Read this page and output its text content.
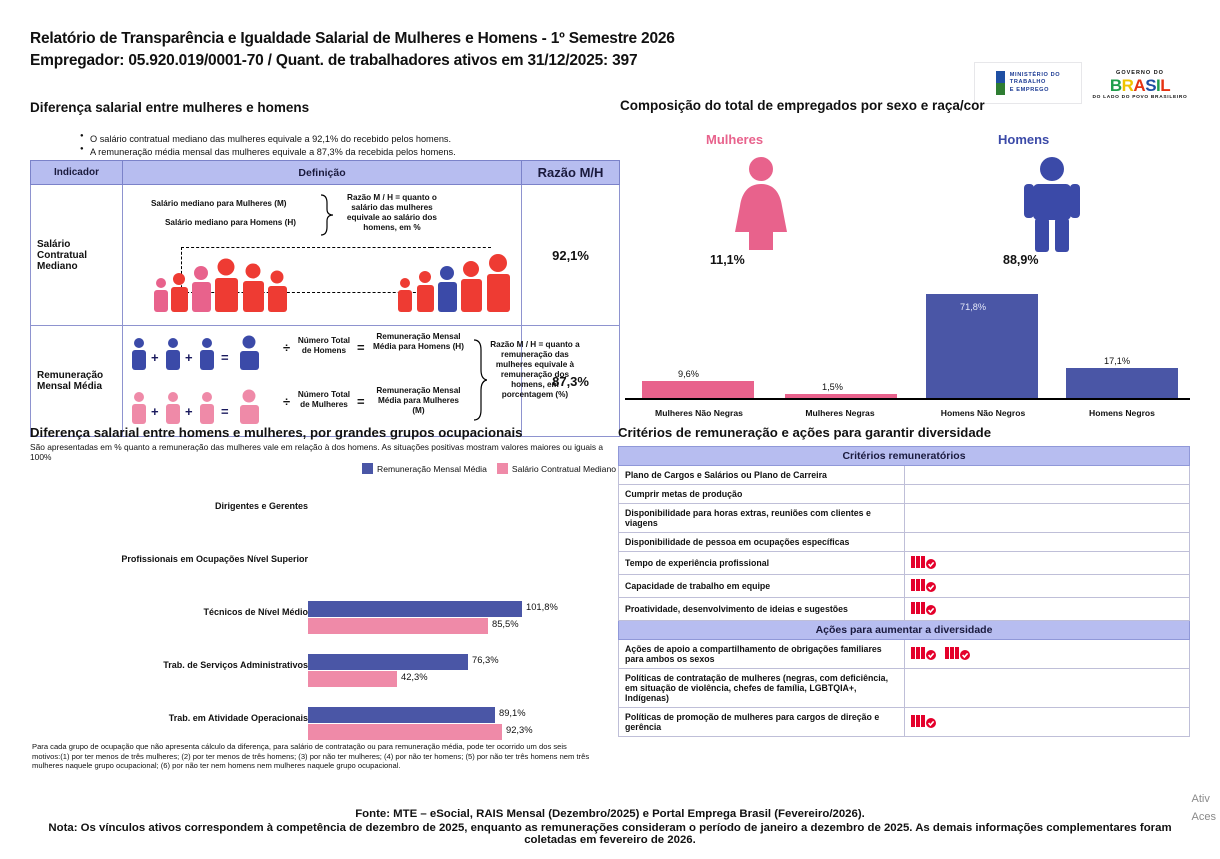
Relatório de Transparência e Igualdade Salarial de Mulheres e Homens - 1º Semestre 2026
Empregador: 05.920.019/0001-70 / Quant. de trabalhadores ativos em 31/12/2025: 397
MINISTÉRIO DO
TRABALHO
E EMPREGO
GOVERNO DO
BRASIL
DO LADO DO POVO BRASILEIRO
Diferença salarial entre mulheres e homens
● O salário contratual mediano das mulheres equivale a 92,1% do recebido pelos homens.
● A remuneração média mensal das mulheres equivale a 87,3% da recebida pelos homens.
Indicador	Definição	Razão M/H
Salário Contratual Mediano	Salário mediano para Mulheres (M)
Salário mediano para Homens (H)
Razão M / H = quanto o salário das mulheres equivale ao salário dos homens, em %	92,1%
Remuneração Mensal Média	
+ + =
÷ Número Total de Homens =
Remuneração Mensal Média para Homens (H)
+ + =
÷ Número Total de Mulheres =
Remuneração Mensal Média para Mulheres (M)
Razão M / H = quanto a remuneração das mulheres equivale à remuneração dos homens, em porcentagem (%)
	87,3%
Composição do total de empregados por sexo e raça/cor
Mulheres	Homens
11,1%	88,9%
9,6%
Mulheres Não Negras
1,5%
Mulheres Negras
71,8%
Homens Não Negros
17,1%
Homens Negros
Diferença salarial entre homens e mulheres, por grandes grupos ocupacionais

São apresentadas em % quanto a remuneração das mulheres vale em relação à dos homens. As situações positivas mostram valores maiores ou iguais a 100%

Remuneração Mensal Média	Salário Contratual Mediano
Dirigentes e Gerentes
Profissionais em Ocupações Nível Superior
Técnicos de Nível Médio	101,8%
85,5%
Trab. de Serviços Administrativos	76,3%
42,3%
Trab. em Atividade Operacionais	89,1%
92,3%
Para cada grupo de ocupação que não apresenta cálculo da diferença, para salário de contratação ou para remuneração média, pode ter ocorrido um dos seis motivos:(1) por ter menos de três mulheres; (2) por ter menos de três homens; (3) por não ter mulheres; (4) por não ter homens; (5) por não ter três homens nem três mulheres naquele grupo ocupacional; (6) por não ter nem homens nem mulheres naquele grupo ocupacional.
Critérios de remuneração e ações para garantir diversidade
Critérios remuneratórios	
Plano de Cargos e Salários ou Plano de Carreira	
Cumprir metas de produção	
Disponibilidade para horas extras, reuniões com clientes e viagens	
Disponibilidade de pessoa em ocupações específicas	
Tempo de experiência profissional	
Capacidade de trabalho em equipe	
Proatividade, desenvolvimento de ideias e sugestões	
Ações para aumentar a diversidade	
Ações de apoio a compartilhamento de obrigações familiares para ambos os sexos	
Políticas de contratação de mulheres (negras, com deficiência, em situação de violência, chefes de família, LGBTQIA+, Indígenas)	
Políticas de promoção de mulheres para cargos de direção e gerência	
Fonte: MTE – eSocial, RAIS Mensal (Dezembro/2025) e Portal Emprega Brasil (Fevereiro/2026).
Nota: Os vínculos ativos correspondem à competência de dezembro de 2025, enquanto as remunerações consideram o período de janeiro a dezembro de 2025. As demais informações complementares foram coletadas em fevereiro de 2026.
Ativ
Aces
